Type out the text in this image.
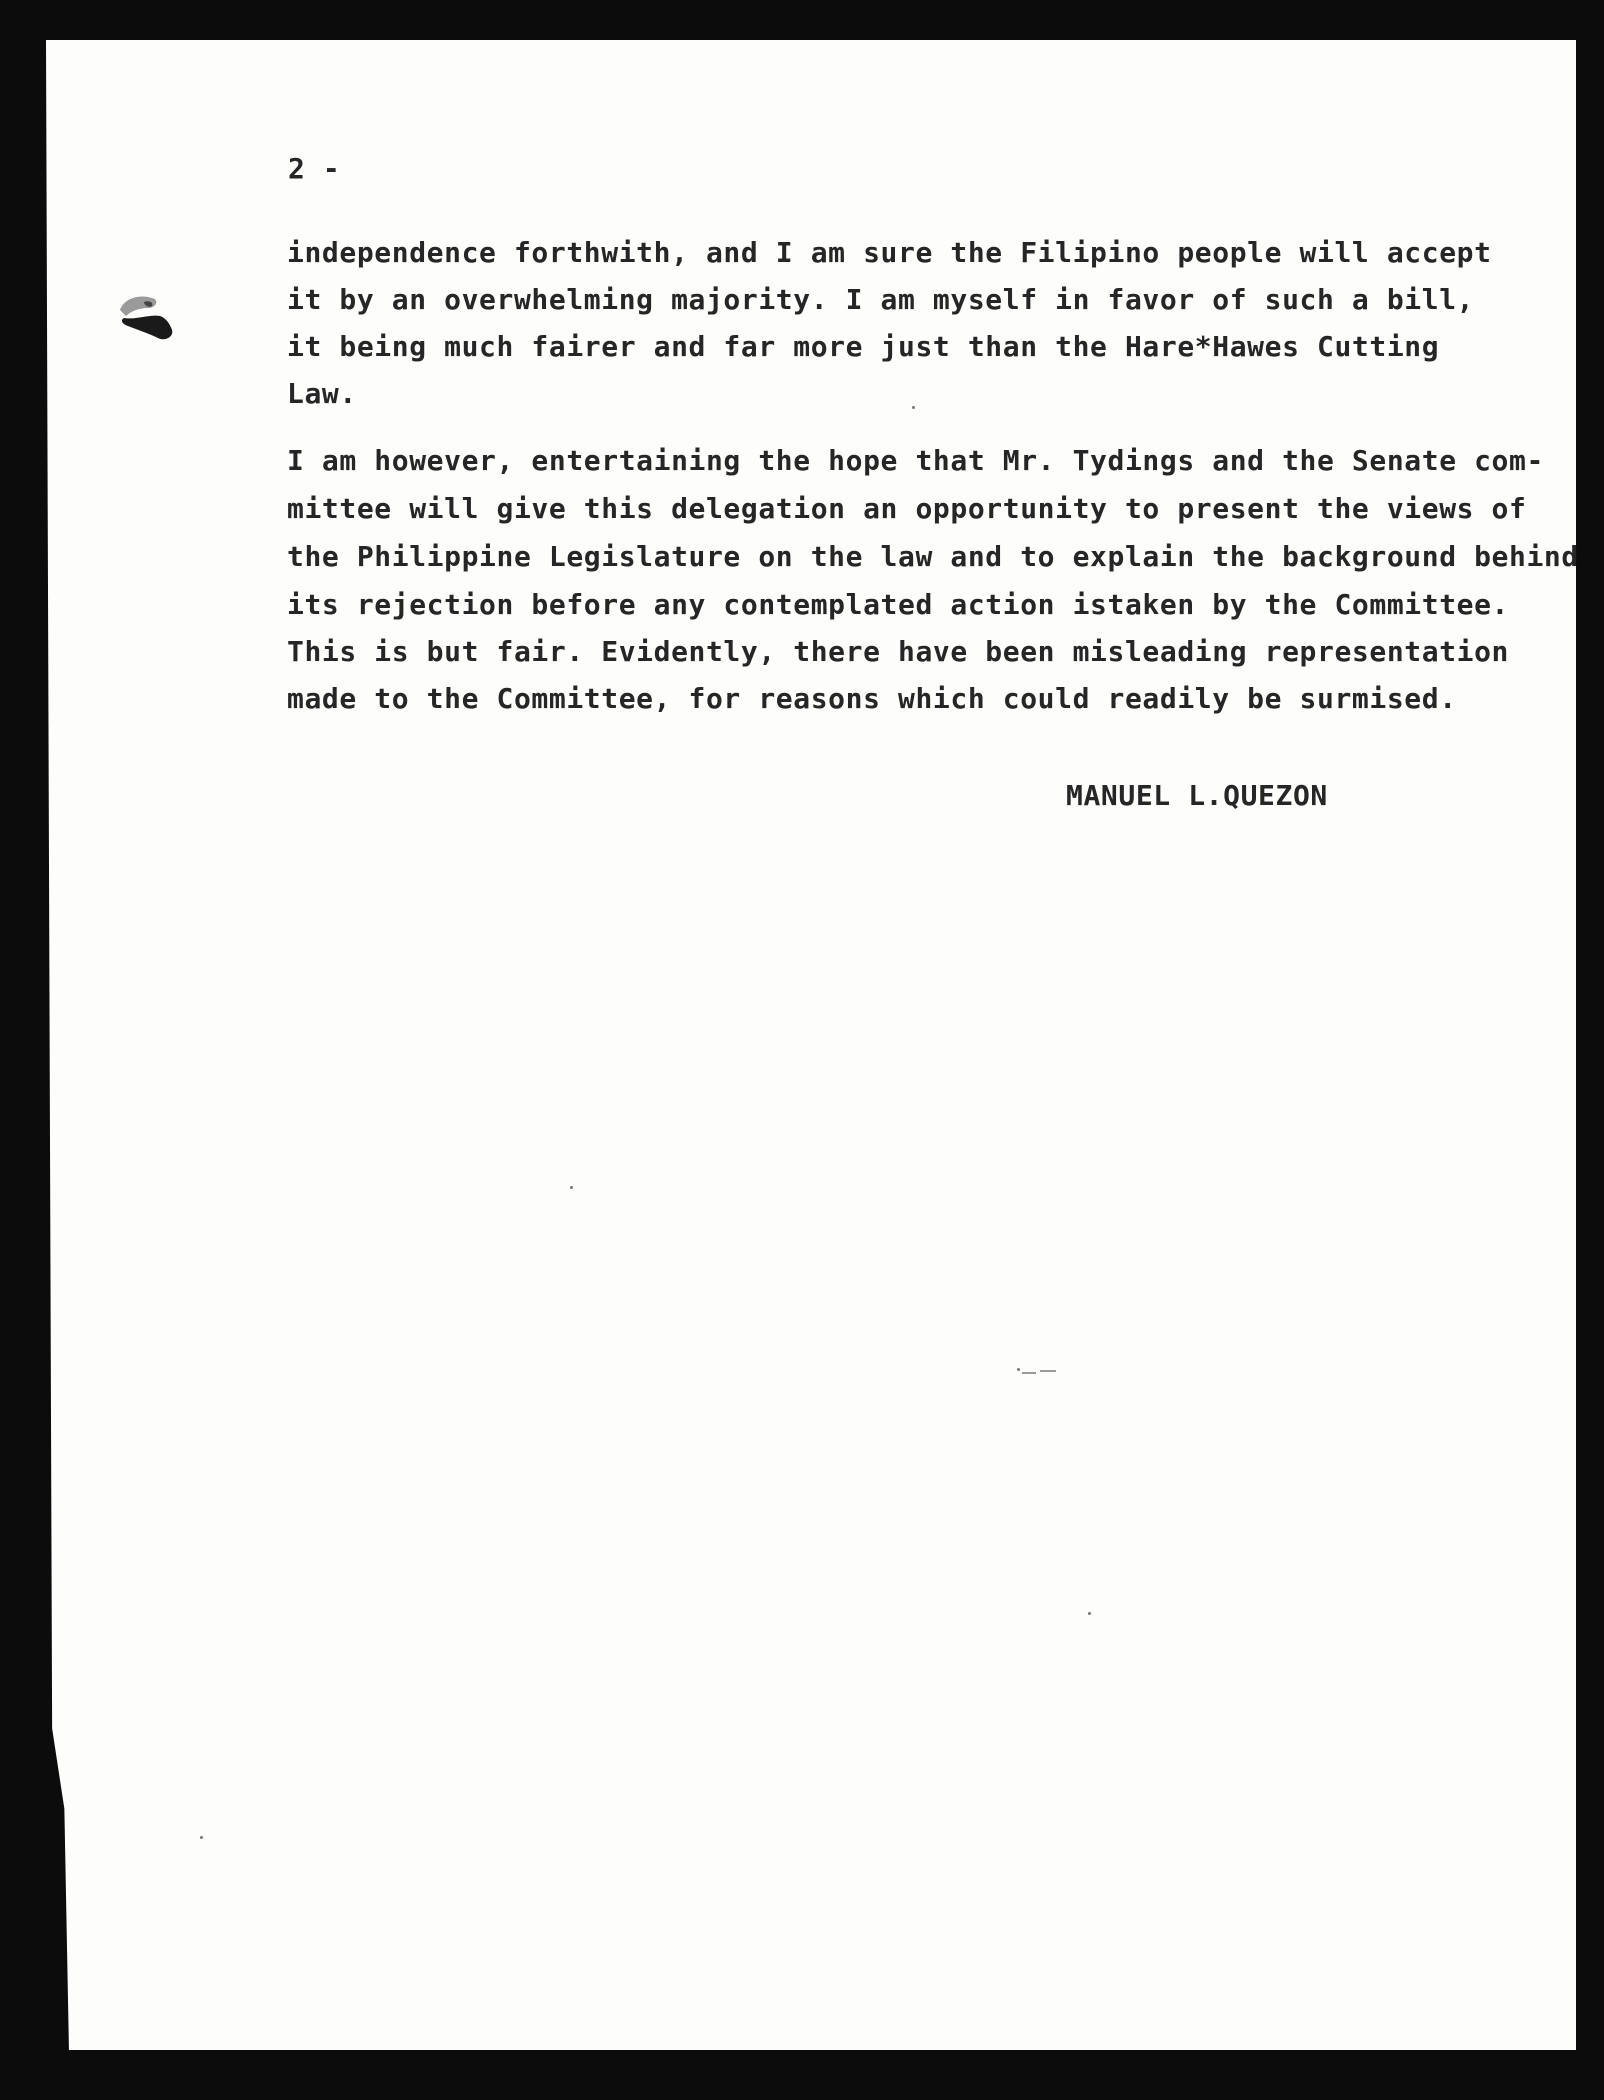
2 -
independence forthwith, and I am sure the Filipino people will accept
it by an overwhelming majority. I am myself in favor of such a bill,
it being much fairer and far more just than the Hare*Hawes Cutting
Law.
I am however, entertaining the hope that Mr. Tydings and the Senate com-
mittee will give this delegation an opportunity to present the views of
the Philippine Legislature on the law and to explain the background behind
its rejection before any contemplated action istaken by the Committee.
This is but fair. Evidently, there have been misleading representation
made to the Committee, for reasons which could readily be surmised.
MANUEL L.QUEZON
